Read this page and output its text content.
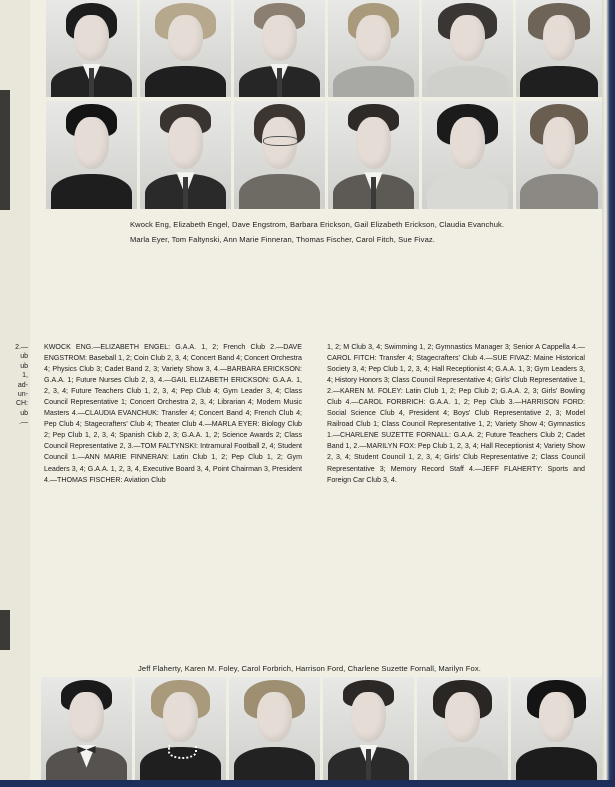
2.—
ub
ub
1,
ad-
un-
CH:
ub
.—
Kwock Eng, Elizabeth Engel, Dave Engstrom, Barbara Erickson, Gail Elizabeth Erickson, Claudia Evanchuk.
Marla Eyer, Tom Faltynski, Ann Marie Finneran, Thomas Fischer, Carol Fitch, Sue Fivaz.

KWOCK ENG.—ELIZABETH ENGEL: G.A.A. 1, 2; French Club 2.—DAVE ENGSTROM: Baseball 1, 2; Coin Club 2, 3, 4; Concert Band 4; Concert Orchestra 4; Physics Club 3; Cadet Band 2, 3; Variety Show 3, 4.—BARBARA ERICKSON: G.A.A. 1; Future Nurses Club 2, 3, 4.—GAIL ELIZABETH ERICKSON: G.A.A. 1, 2, 3, 4; Future Teachers Club 1, 2, 3, 4; Pep Club 4; Gym Leader 3, 4; Class Council Representative 1; Concert Orchestra 2, 3, 4; Librarian 4; Modern Music Masters 4.—CLAUDIA EVANCHUK: Transfer 4; Concert Band 4; French Club 4; Pep Club 4; Stagecrafters' Club 4; Theater Club 4.—MARLA EYER: Biology Club 2; Pep Club 1, 2, 3, 4; Spanish Club 2, 3; G.A.A. 1, 2; Science Awards 2; Class Council Representative 2, 3.—TOM FALTYNSKI: Intramural Football 2, 4; Student Council 1.—ANN MARIE FINNERAN: Latin Club 1, 2; Pep Club 1, 2; Gym Leaders 3, 4; G.A.A. 1, 2, 3, 4, Executive Board 3, 4, Point Chairman 3, President 4.—THOMAS FISCHER: Aviation Club

1, 2; M Club 3, 4; Swimming 1, 2; Gymnastics Manager 3; Senior A Cappella 4.—CAROL FITCH: Transfer 4; Stagecrafters' Club 4.—SUE FIVAZ: Maine Historical Society 3, 4; Pep Club 1, 2, 3, 4; Hall Receptionist 4; G.A.A. 1, 3; Gym Leaders 3, 4; History Honors 3; Class Council Representative 4; Girls' Club Representative 1, 2.—KAREN M. FOLEY: Latin Club 1, 2; Pep Club 2; G.A.A. 2, 3; Girls' Bowling Club 4.—CAROL FORBRICH: G.A.A. 1, 2; Pep Club 3.—HARRISON FORD: Social Science Club 4, President 4; Boys' Club Representative 2, 3; Model Railroad Club 1; Class Council Representative 1, 2; Variety Show 4; Gymnastics 1.—CHARLENE SUZETTE FORNALL: G.A.A. 2; Future Teachers Club 2; Cadet Band 1, 2.—MARILYN FOX: Pep Club 1, 2, 3, 4; Hall Receptionist 4; Variety Show 2, 3, 4; Student Council 1, 2, 3, 4; Girls' Club Representative 2; Class Council Representative 3; Memory Record Staff 4.—JEFF FLAHERTY: Sports and Foreign Car Club 3, 4.

Jeff Flaherty, Karen M. Foley, Carol Forbrich, Harrison Ford, Charlene Suzette Fornall, Marilyn Fox.
